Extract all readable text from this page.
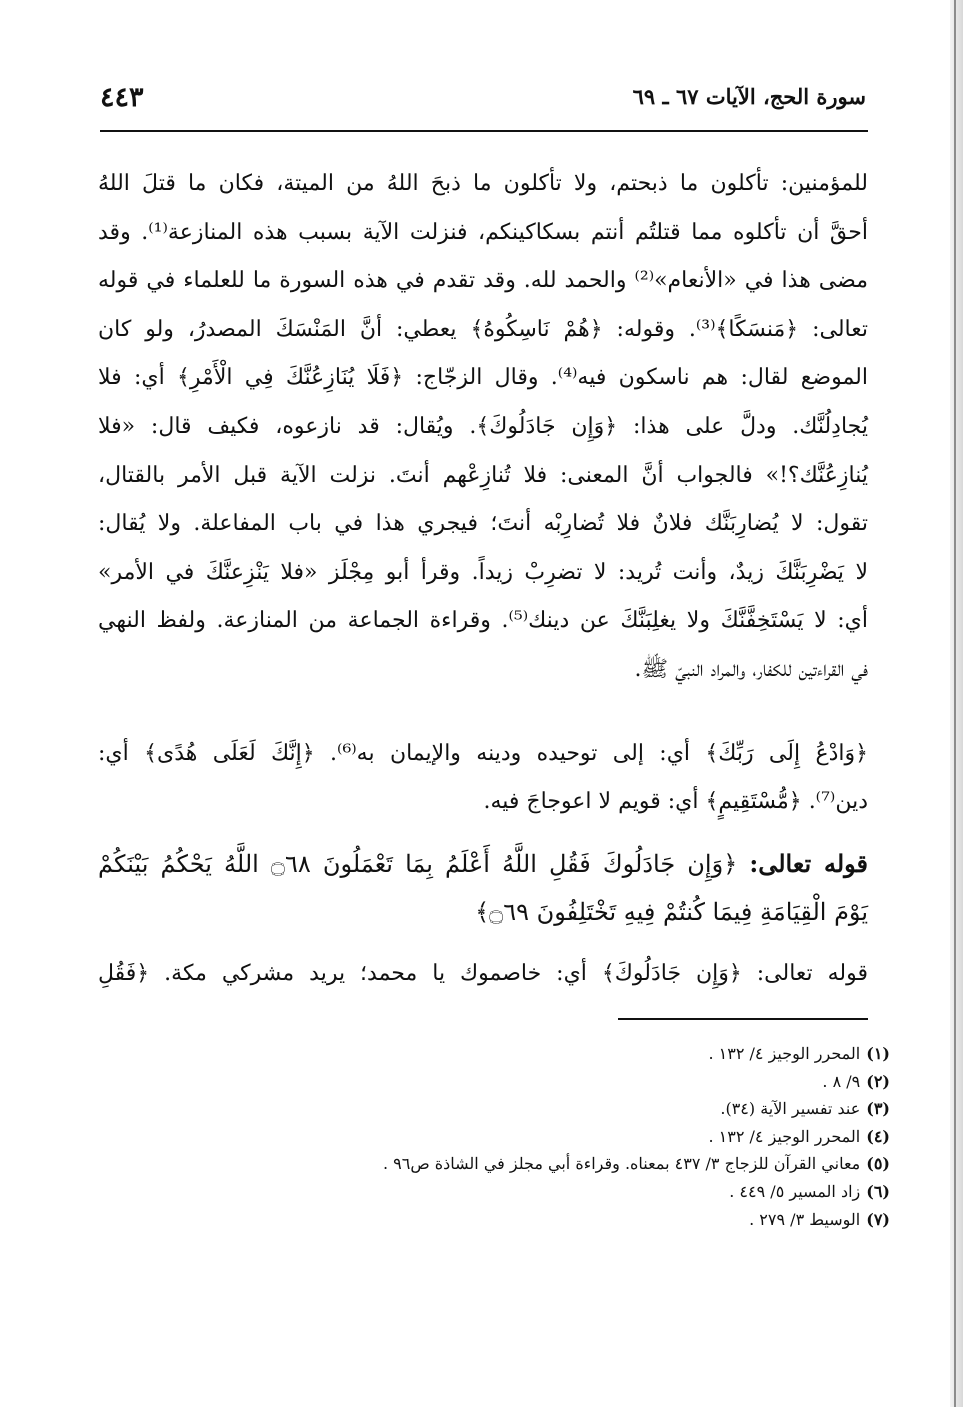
سورة الحج، الآيات ٦٧ ـ ٦٩
٤٤٣

للمؤمنين: تأكلون ما ذبحتم، ولا تأكلون ما ذبحَ اللهُ من الميتة، فكان ما قتلَ اللهُ

أحقَّ أن تأكلوه مما قتلتُم أنتم بسكاكينكم، فنزلت الآية بسبب هذه المنازعة⁽¹⁾. وقد

مضى هذا في «الأنعام»⁽²⁾ والحمد لله. وقد تقدم في هذه السورة ما للعلماء في قوله

تعالى: ﴿مَنسَكًا﴾⁽³⁾. وقوله: ﴿هُمْ نَاسِكُوهُ﴾ يعطي: أنَّ المَنْسَكَ المصدرُ، ولو كان

الموضع لقال: هم ناسكون فيه⁽⁴⁾. وقال الزجّاج: ﴿فَلَا يُنَازِعُنَّكَ فِي الْأَمْرِ﴾ أي: فلا

يُجادِلُنَّك. ودلَّ على هذا: ﴿وَإِن جَادَلُوكَ﴾. ويُقال: قد نازعوه، فكيف قال: «فلا

يُنازِعُنَّك؟!» فالجواب أنَّ المعنى: فلا تُنازِعْهم أنتَ. نزلت الآية قبل الأمر بالقتال،

تقول: لا يُضارِبَنَّك فلانٌ فلا تُضارِبْه أنتَ؛ فيجري هذا في باب المفاعلة. ولا يُقال:

لا يَضْرِبَنَّكَ زيدٌ، وأنت تُريد: لا تضرِبْ زيداً. وقرأ أبو مِجْلَز «فلا يَنْزِعنَّكَ في الأمر»

أي: لا يَسْتَخِفَّنَّكَ ولا يغلِبَنَّكَ عن دينك⁽⁵⁾. وقراءة الجماعة من المنازعة. ولفظ النهي

في القراءتين للكفار، والمراد النبيّ ﷺ.

﴿وَادْعُ إِلَى رَبِّكَ﴾ أي: إلى توحيده ودينه والإيمان به⁽⁶⁾. ﴿إِنَّكَ لَعَلَى هُدًى﴾ أي:
دين⁽⁷⁾. ﴿مُّسْتَقِيمٍ﴾ أي: قويم لا اعوجاجَ فيه.
قوله تعالى: ﴿وَإِن جَادَلُوكَ فَقُلِ اللَّهُ أَعْلَمُ بِمَا تَعْمَلُونَ ۝٦٨ اللَّهُ يَحْكُمُ بَيْنَكُمْ
يَوْمَ الْقِيَامَةِ فِيمَا كُنتُمْ فِيهِ تَخْتَلِفُونَ ۝٦٩﴾
قوله تعالى: ﴿وَإِن جَادَلُوكَ﴾ أي: خاصموك يا محمد؛ يريد مشركي مكة. ﴿فَقُلِ
(١)المحرر الوجيز ٤/ ١٣٢ .
(٢)٩/ ٨ .
(٣)عند تفسير الآية (٣٤).
(٤)المحرر الوجيز ٤/ ١٣٢ .
(٥)معاني القرآن للزجاج ٣/ ٤٣٧ بمعناه. وقراءة أبي مجلز في الشاذة ص٩٦ .
(٦)زاد المسير ٥/ ٤٤٩ .
(٧)الوسيط ٣/ ٢٧٩ .
